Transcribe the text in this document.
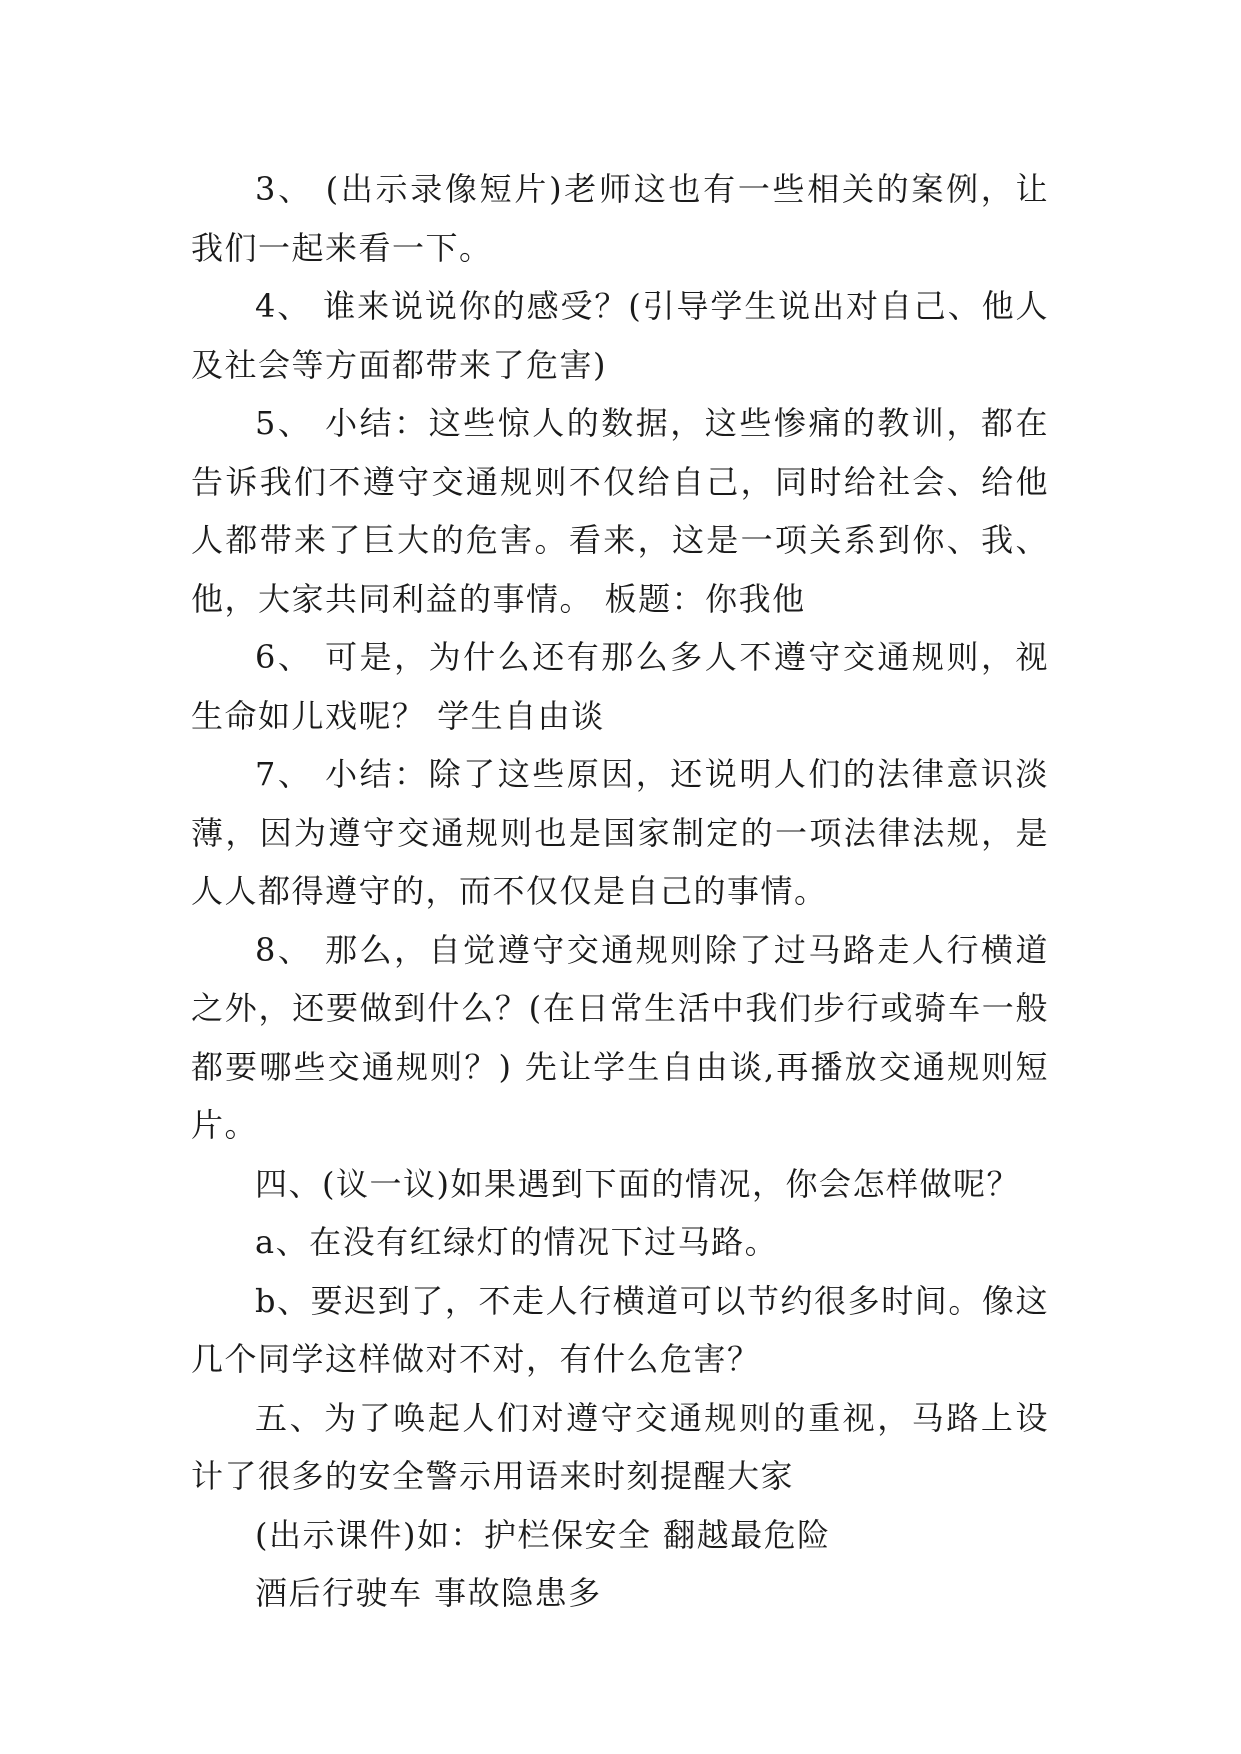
3、 (出示录像短片)老师这也有一些相关的案例，让我们一起来看一下。

4、 谁来说说你的感受？(引导学生说出对自己、他人及社会等方面都带来了危害)

5、 小结：这些惊人的数据，这些惨痛的教训，都在告诉我们不遵守交通规则不仅给自己，同时给社会、给他人都带来了巨大的危害。看来，这是一项关系到你、我、他，大家共同利益的事情。 板题：你我他

6、 可是，为什么还有那么多人不遵守交通规则，视生命如儿戏呢？ 学生自由谈

7、 小结：除了这些原因，还说明人们的法律意识淡薄，因为遵守交通规则也是国家制定的一项法律法规，是人人都得遵守的，而不仅仅是自己的事情。

8、 那么，自觉遵守交通规则除了过马路走人行横道之外，还要做到什么？(在日常生活中我们步行或骑车一般都要哪些交通规则？) 先让学生自由谈,再播放交通规则短片。

四、(议一议)如果遇到下面的情况，你会怎样做呢？

a、在没有红绿灯的情况下过马路。

b、要迟到了，不走人行横道可以节约很多时间。像这几个同学这样做对不对，有什么危害？

五、为了唤起人们对遵守交通规则的重视，马路上设计了很多的安全警示用语来时刻提醒大家

(出示课件)如：护栏保安全 翻越最危险

酒后行驶车 事故隐患多
